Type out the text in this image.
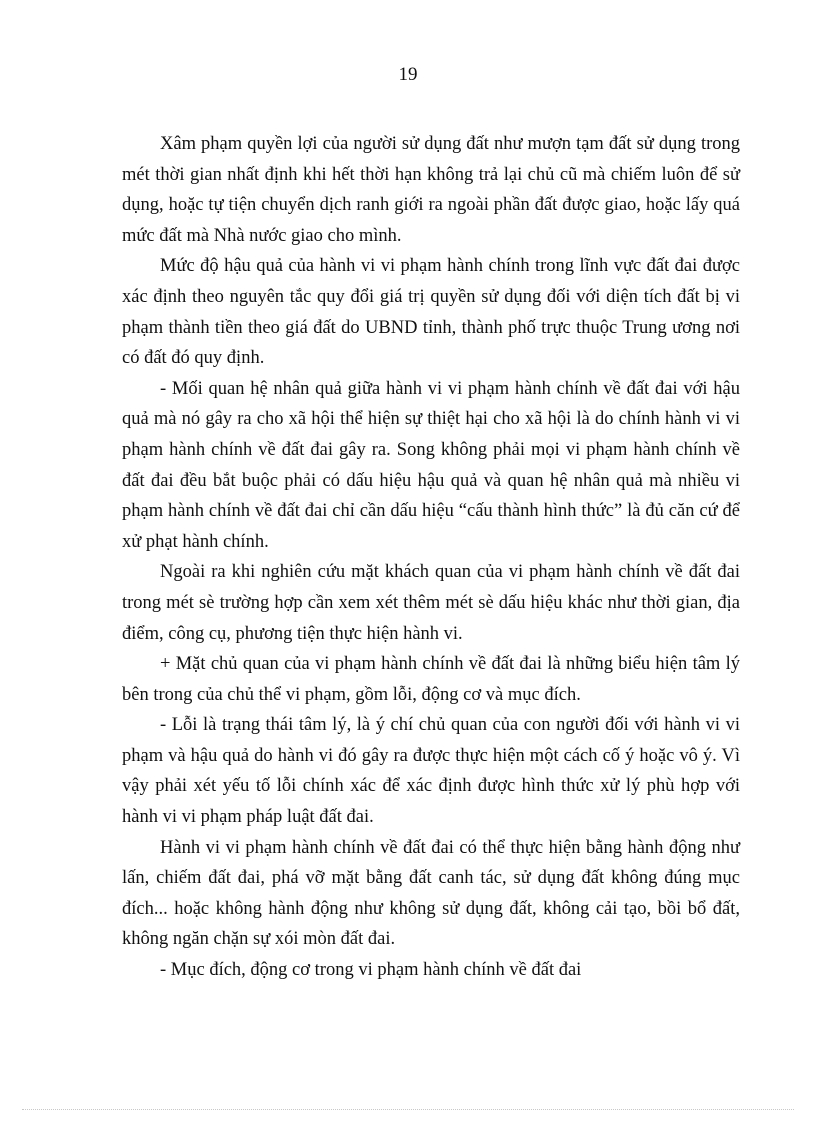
19

Xâm phạm quyền lợi của người sử dụng đất như mượn tạm đất sử dụng trong mét thời gian nhất định khi hết thời hạn không trả lại chủ cũ mà chiếm luôn để sử dụng, hoặc tự tiện chuyển dịch ranh giới ra ngoài phần đất được giao, hoặc lấy quá mức đất mà Nhà nước giao cho mình.

Mức độ hậu quả của hành vi vi phạm hành chính trong lĩnh vực đất đai được xác định theo nguyên tắc quy đổi giá trị quyền sử dụng đối với diện tích đất bị vi phạm thành tiền theo giá đất do UBND tỉnh, thành phố trực thuộc Trung ương nơi có đất đó quy định.

- Mối quan hệ nhân quả giữa hành vi vi phạm hành chính về đất đai với hậu quả mà nó gây ra cho xã hội thể hiện sự thiệt hại cho xã hội là do chính hành vi vi phạm hành chính về đất đai gây ra. Song không phải mọi vi phạm hành chính về đất đai đều bắt buộc phải có dấu hiệu hậu quả và quan hệ nhân quả mà nhiều vi phạm hành chính về đất đai chỉ cần dấu hiệu “cấu thành hình thức” là đủ căn cứ để xử phạt hành chính.

Ngoài ra khi nghiên cứu mặt khách quan của vi phạm hành chính về đất đai trong mét sè trường hợp cần xem xét thêm mét sè dấu hiệu khác như thời gian, địa điểm, công cụ, phương tiện thực hiện hành vi.

+ Mặt chủ quan của vi phạm hành chính về đất đai là những biểu hiện tâm lý bên trong của chủ thể vi phạm, gồm lỗi, động cơ và mục đích.

- Lỗi là trạng thái tâm lý, là ý chí chủ quan của con người đối với hành vi vi phạm và hậu quả do hành vi đó gây ra được thực hiện một cách cố ý hoặc vô ý. Vì vậy phải xét yếu tố lỗi chính xác để xác định được hình thức xử lý phù hợp với hành vi vi phạm pháp luật đất đai.

Hành vi vi phạm hành chính về đất đai có thể thực hiện bằng hành động như lấn, chiếm đất đai, phá vỡ mặt bằng đất canh tác, sử dụng đất không đúng mục đích... hoặc không hành động như không sử dụng đất, không cải tạo, bồi bổ đất, không ngăn chặn sự xói mòn đất đai.

- Mục đích, động cơ trong vi phạm hành chính về đất đai
